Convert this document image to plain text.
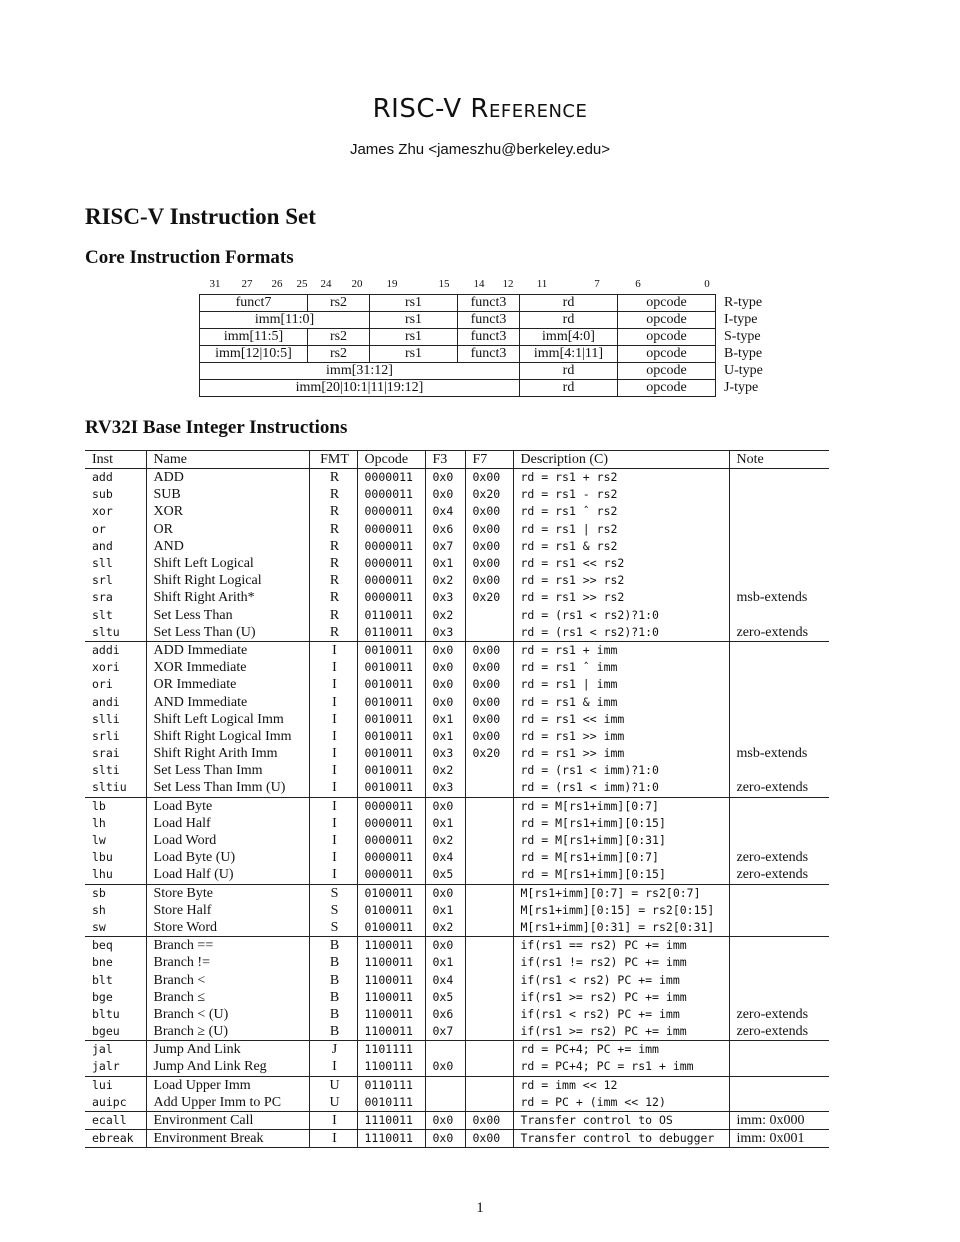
RISC-V Reference
James Zhu <jameszhu@berkeley.edu>
RISC-V Instruction Set
Core Instruction Formats
31 27 26 25 24 20 19	15 14 12 11	7	6	0
funct7	rs2	rs1	funct3	rd	opcode	R-type
imm[11:0]		rs1	funct3	rd	opcode	I-type
imm[11:5]	rs2	rs1	funct3	imm[4:0]	opcode	S-type
imm[12|10:5]	rs2	rs1	funct3	imm[4:1|11]	opcode	B-type
imm[31:12]				rd	opcode	U-type
imm[20|10:1|11|19:12]				rd	opcode	J-type
RV32I Base Integer Instructions
Inst	Name	FMT	Opcode	F3	F7	Description (C)	Note
add	ADD	R	0000011	0x0	0x00	rd = rs1 + rs2	
sub	SUB	R	0000011	0x0	0x20	rd = rs1 - rs2	
xor	XOR	R	0000011	0x4	0x00	rd = rs1 ˆ rs2	
or	OR	R	0000011	0x6	0x00	rd = rs1 | rs2	
and	AND	R	0000011	0x7	0x00	rd = rs1 & rs2	
sll	Shift Left Logical	R	0000011	0x1	0x00	rd = rs1 << rs2	
srl	Shift Right Logical	R	0000011	0x2	0x00	rd = rs1 >> rs2	
sra	Shift Right Arith*	R	0000011	0x3	0x20	rd = rs1 >> rs2	msb-extends
slt	Set Less Than	R	0110011	0x2		rd = (rs1 < rs2)?1:0	
sltu	Set Less Than (U)	R	0110011	0x3		rd = (rs1 < rs2)?1:0	zero-extends
addi	ADD Immediate	I	0010011	0x0	0x00	rd = rs1 + imm	
xori	XOR Immediate	I	0010011	0x0	0x00	rd = rs1 ˆ imm	
ori	OR Immediate	I	0010011	0x0	0x00	rd = rs1 | imm	
andi	AND Immediate	I	0010011	0x0	0x00	rd = rs1 & imm	
slli	Shift Left Logical Imm	I	0010011	0x1	0x00	rd = rs1 << imm	
srli	Shift Right Logical Imm	I	0010011	0x1	0x00	rd = rs1 >> imm	
srai	Shift Right Arith Imm	I	0010011	0x3	0x20	rd = rs1 >> imm	msb-extends
slti	Set Less Than Imm	I	0010011	0x2		rd = (rs1 < imm)?1:0	
sltiu	Set Less Than Imm (U)	I	0010011	0x3		rd = (rs1 < imm)?1:0	zero-extends
lb	Load Byte	I	0000011	0x0		rd = M[rs1+imm][0:7]	
lh	Load Half	I	0000011	0x1		rd = M[rs1+imm][0:15]	
lw	Load Word	I	0000011	0x2		rd = M[rs1+imm][0:31]	
lbu	Load Byte (U)	I	0000011	0x4		rd = M[rs1+imm][0:7]	zero-extends
lhu	Load Half (U)	I	0000011	0x5		rd = M[rs1+imm][0:15]	zero-extends
sb	Store Byte	S	0100011	0x0		M[rs1+imm][0:7] = rs2[0:7]	
sh	Store Half	S	0100011	0x1		M[rs1+imm][0:15] = rs2[0:15]	
sw	Store Word	S	0100011	0x2		M[rs1+imm][0:31] = rs2[0:31]	
beq	Branch ==	B	1100011	0x0		if(rs1 == rs2) PC += imm	
bne	Branch !=	B	1100011	0x1		if(rs1 != rs2) PC += imm	
blt	Branch <	B	1100011	0x4		if(rs1 < rs2) PC += imm	
bge	Branch ≤	B	1100011	0x5		if(rs1 >= rs2) PC += imm	
bltu	Branch < (U)	B	1100011	0x6		if(rs1 < rs2) PC += imm	zero-extends
bgeu	Branch ≥ (U)	B	1100011	0x7		if(rs1 >= rs2) PC += imm	zero-extends
jal	Jump And Link	J	1101111			rd = PC+4; PC += imm	
jalr	Jump And Link Reg	I	1100111	0x0		rd = PC+4; PC = rs1 + imm	
lui	Load Upper Imm	U	0110111			rd = imm << 12	
auipc	Add Upper Imm to PC	U	0010111			rd = PC + (imm << 12)	
ecall	Environment Call	I	1110011	0x0	0x00	Transfer control to OS	imm: 0x000
ebreak	Environment Break	I	1110011	0x0	0x00	Transfer control to debugger	imm: 0x001
1
